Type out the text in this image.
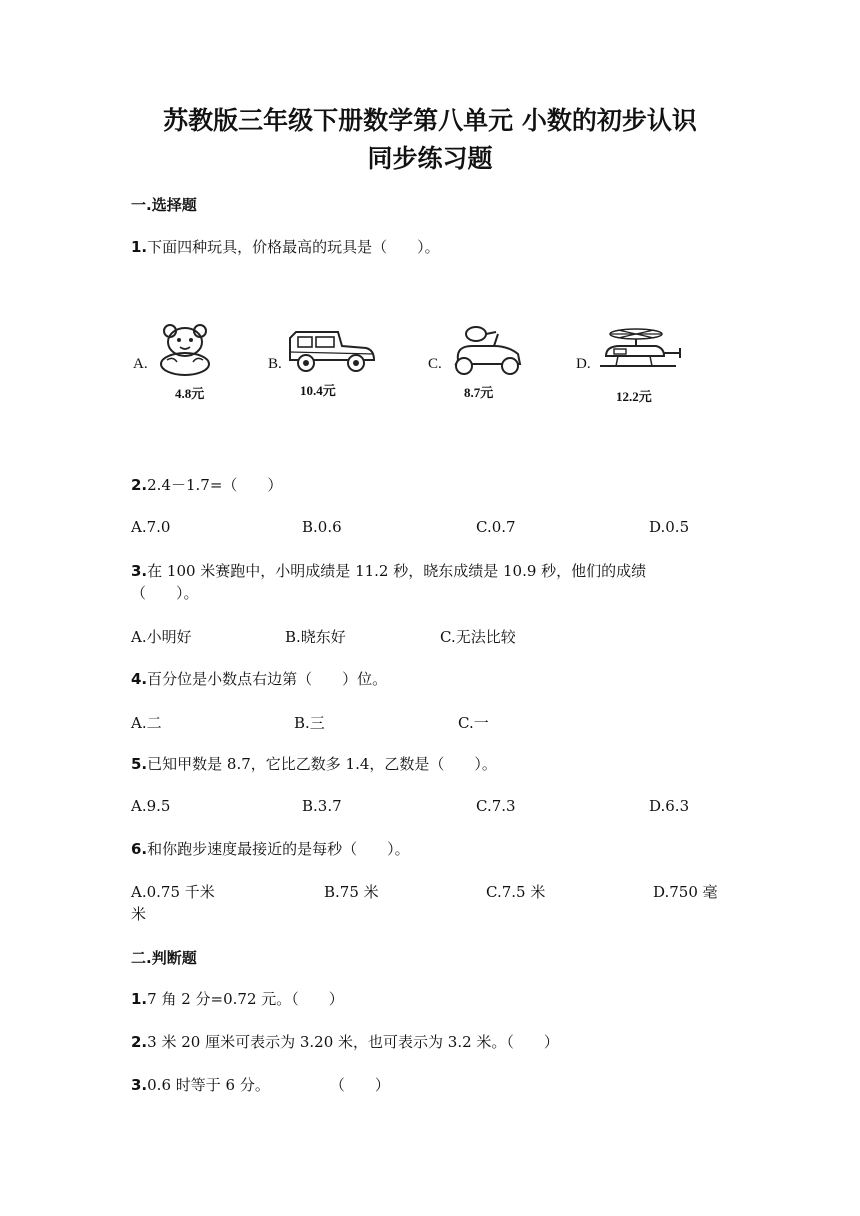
苏教版三年级下册数学第八单元 小数的初步认识
同步练习题
一.选择题
1.下面四种玩具，价格最高的玩具是（　　）。
A.
4.8元
B.
10.4元
C.
8.7元
D.
12.2元
2.2.4－1.7=（　　）
A.7.0	B.0.6	C.0.7	D.0.5
3.在 100 米赛跑中，小明成绩是 11.2 秒，晓东成绩是 10.9 秒，他们的成绩
（　　）。
A.小明好	B.晓东好	C.无法比较
4.百分位是小数点右边第（　　）位。
A.二	B.三	C.一
5.已知甲数是 8.7，它比乙数多 1.4，乙数是（　　）。
A.9.5	B.3.7	C.7.3	D.6.3
6.和你跑步速度最接近的是每秒（　　）。
A.0.75 千米	B.75 米	C.7.5 米	D.750 毫
米
二.判断题
1.7 角 2 分=0.72 元。（　　）
2.3 米 20 厘米可表示为 3.20 米，也可表示为 3.2 米。（　　）
3.0.6 时等于 6 分。　　　　　（　　）
